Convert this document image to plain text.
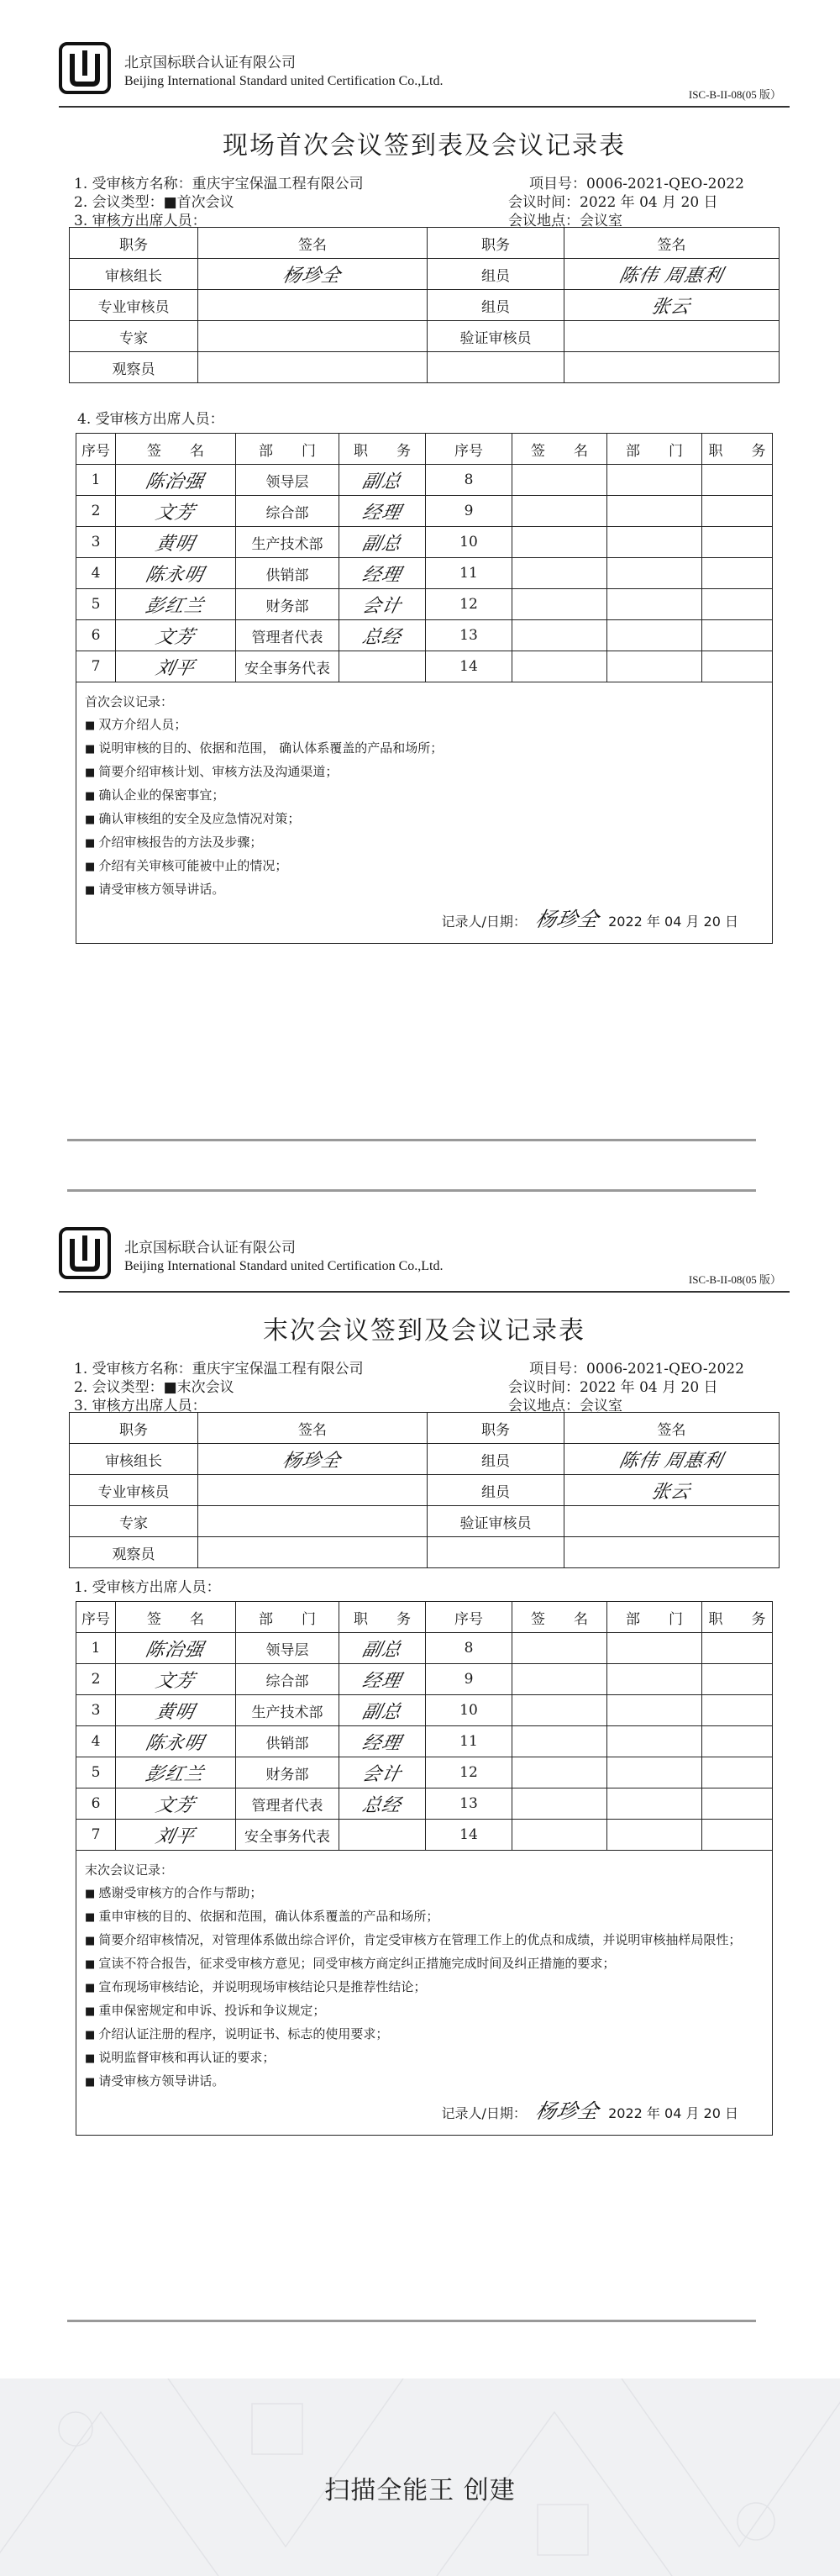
北京国标联合认证有限公司
Beijing International Standard united Certification Co.,Ltd.
ISC-B-II-08(05 版）
现场首次会议签到表及会议记录表
1. 受审核方名称：重庆宇宝保温工程有限公司	项目号：0006-2021-QEO-2022
2. 会议类型：■首次会议	会议时间：2022 年 04 月 20 日
3. 审核方出席人员：	会议地点：会议室
职务	签名	职务	签名
审核组长	杨珍全	组员	陈伟 周惠利
专业审核员		组员	张云
专家		验证审核员	
观察员			
4. 受审核方出席人员：
序号	签　　名	部　　门	职　　务	序号	签　　名	部　　门	职　　务
1	陈治强	领导层	副总	8			
2	文芳	综合部	经理	9			
3	黄明	生产技术部	副总	10			
4	陈永明	供销部	经理	11			
5	彭红兰	财务部	会计	12			
6	文芳	管理者代表	总经	13			
7	刘平	安全事务代表		14			
首次会议记录：
■ 双方介绍人员；
■ 说明审核的目的、依据和范围， 确认体系覆盖的产品和场所；
■ 简要介绍审核计划、审核方法及沟通渠道；
■ 确认企业的保密事宜；
■ 确认审核组的安全及应急情况对策；
■ 介绍审核报告的方法及步骤；
■ 介绍有关审核可能被中止的情况；
■ 请受审核方领导讲话。
记录人/日期： 杨珍全 2022 年 04 月 20 日
北京国标联合认证有限公司
Beijing International Standard united Certification Co.,Ltd.
ISC-B-II-08(05 版）
末次会议签到及会议记录表
1. 受审核方名称：重庆宇宝保温工程有限公司	项目号：0006-2021-QEO-2022
2. 会议类型：■末次会议	会议时间：2022 年 04 月 20 日
3. 审核方出席人员：	会议地点：会议室
职务	签名	职务	签名
审核组长	杨珍全	组员	陈伟 周惠利
专业审核员		组员	张云
专家		验证审核员	
观察员			
1. 受审核方出席人员：
序号	签　　名	部　　门	职　　务	序号	签　　名	部　　门	职　　务
1	陈治强	领导层	副总	8			
2	文芳	综合部	经理	9			
3	黄明	生产技术部	副总	10			
4	陈永明	供销部	经理	11			
5	彭红兰	财务部	会计	12			
6	文芳	管理者代表	总经	13			
7	刘平	安全事务代表		14			
末次会议记录：
■ 感谢受审核方的合作与帮助；
■ 重申审核的目的、依据和范围，确认体系覆盖的产品和场所；
■ 简要介绍审核情况，对管理体系做出综合评价，肯定受审核方在管理工作上的优点和成绩，并说明审核抽样局限性；
■ 宣读不符合报告，征求受审核方意见；同受审核方商定纠正措施完成时间及纠正措施的要求；
■ 宣布现场审核结论，并说明现场审核结论只是推荐性结论；
■ 重申保密规定和申诉、投诉和争议规定；
■ 介绍认证注册的程序，说明证书、标志的使用要求；
■ 说明监督审核和再认证的要求；
■ 请受审核方领导讲话。
记录人/日期： 杨珍全 2022 年 04 月 20 日
扫描全能王 创建
